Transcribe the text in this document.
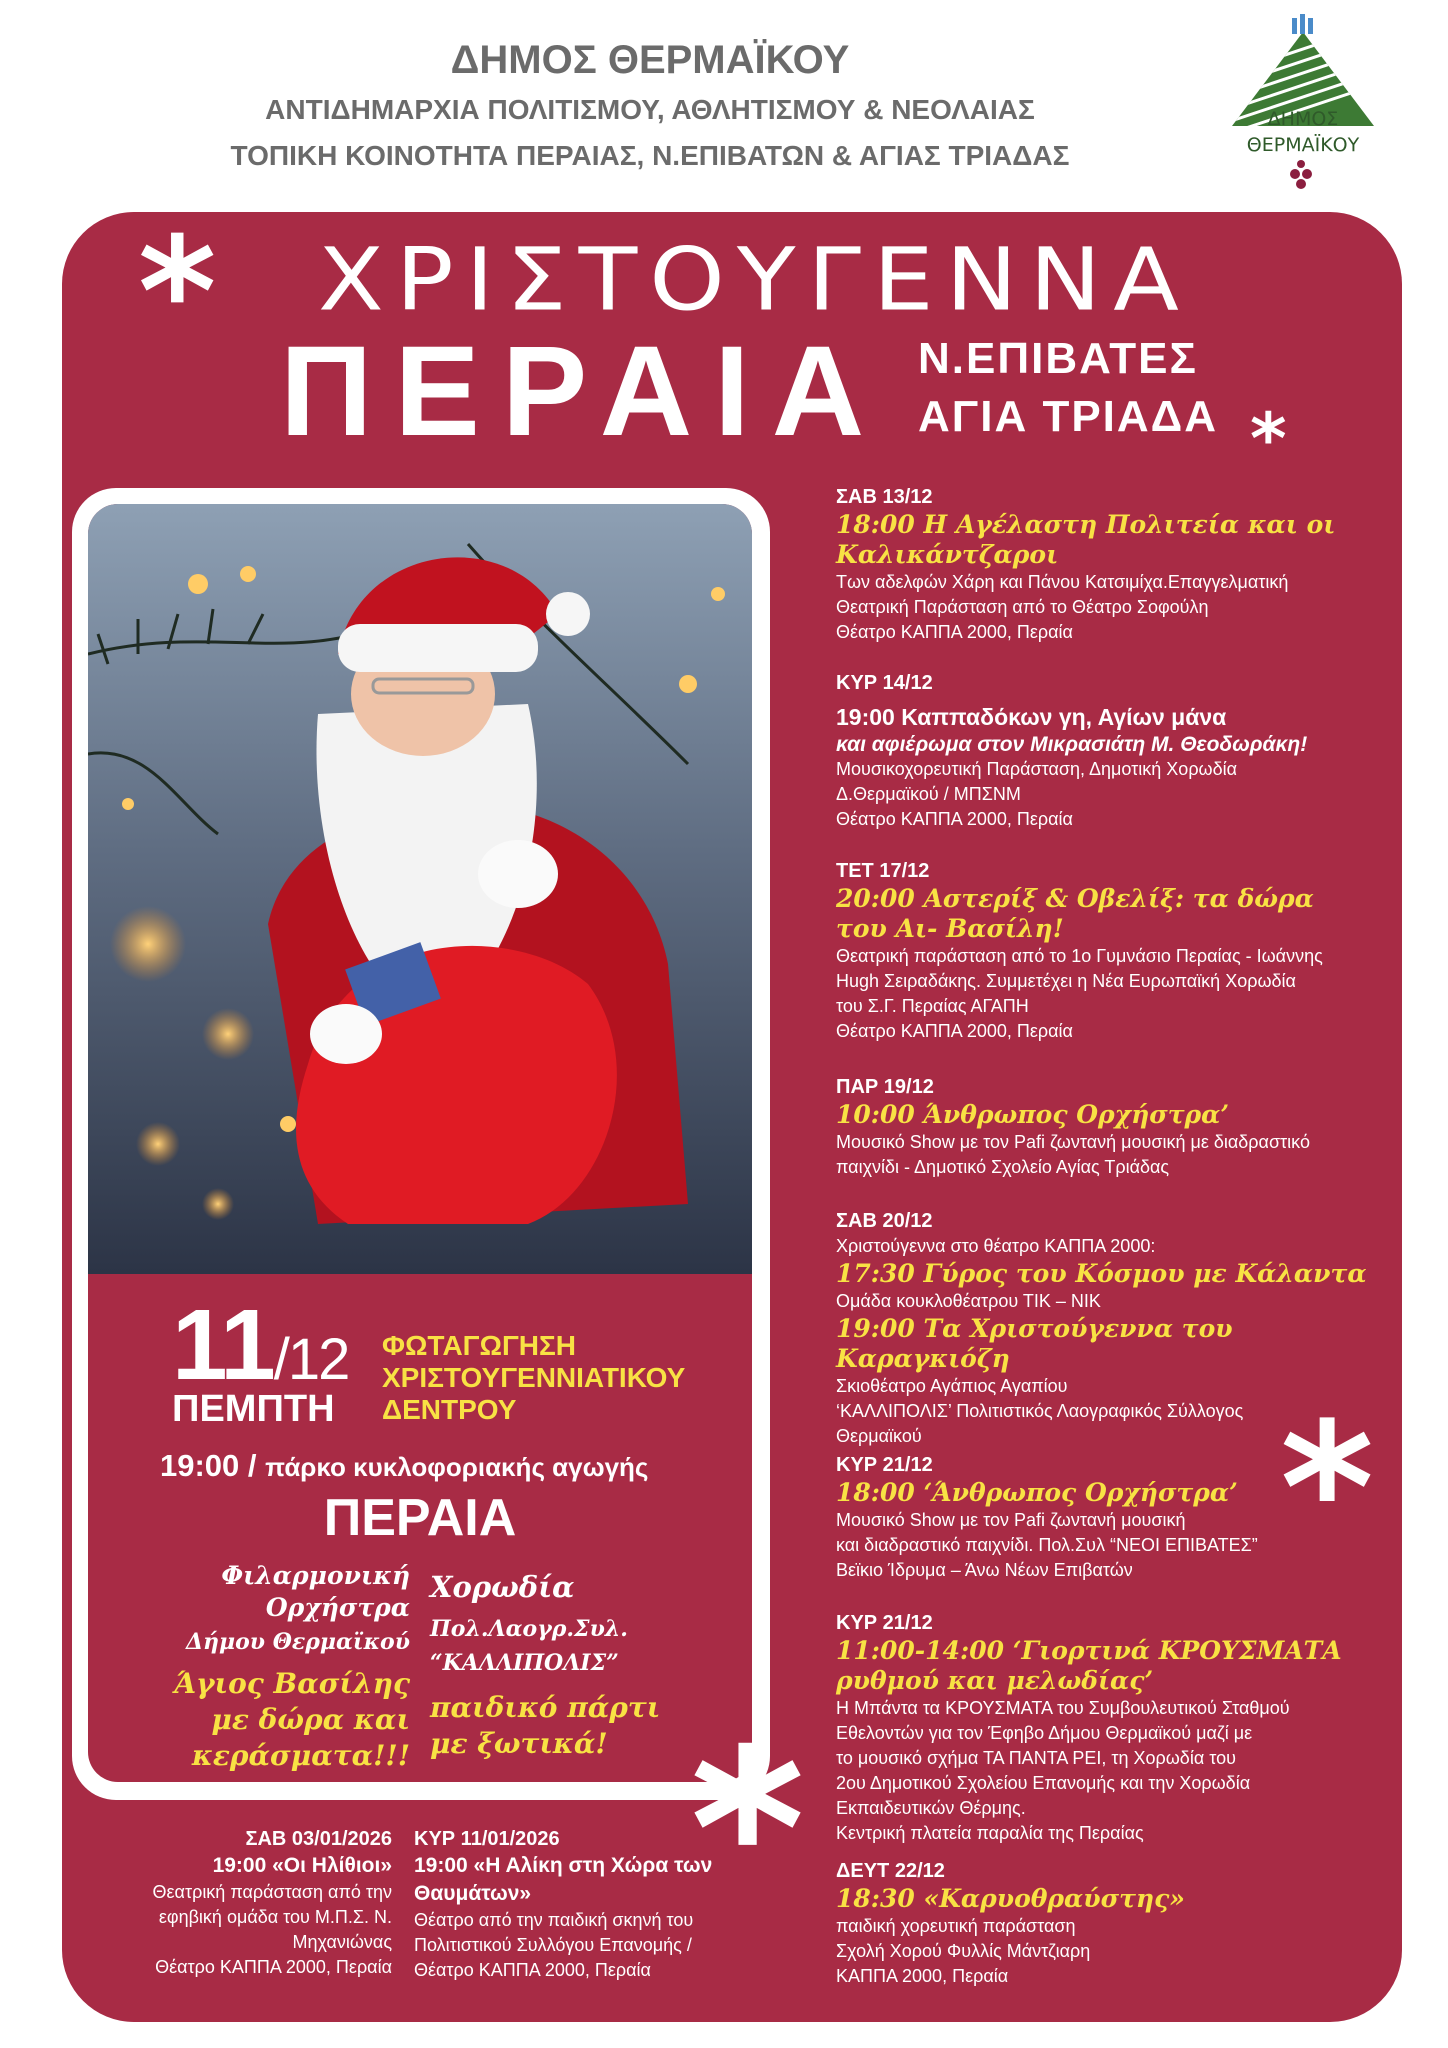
ΔΗΜΟΣ ΘΕΡΜΑΪΚΟΥ
ΑΝΤΙΔΗΜΑΡΧΙΑ ΠΟΛΙΤΙΣΜΟΥ, ΑΘΛΗΤΙΣΜΟΥ & ΝΕΟΛΑΙΑΣ
ΤΟΠΙΚΗ ΚΟΙΝΟΤΗΤΑ ΠΕΡΑΙΑΣ, Ν.ΕΠΙΒΑΤΩΝ & ΑΓΙΑΣ ΤΡΙΑΔΑΣ
ΔΗΜΟΣ
ΘΕΡΜΑΪΚΟΥ
*
*
*
ΧΡΙΣΤΟΥΓΕΝΝΑ
ΠΕΡΑΙΑ Ν.ΕΠΙΒΑΤΕΣ
ΑΓΙΑ ΤΡΙΑΔΑ
11/12
ΠΕΜΠΤΗ
ΦΩΤΑΓΩΓΗΣΗ
ΧΡΙΣΤΟΥΓΕΝΝΙΑΤΙΚΟΥ
ΔΕΝΤΡΟΥ
19:00 / πάρκο κυκλοφοριακής αγωγής
ΠΕΡΑΙΑ
Φιλαρμονική
Ορχήστρα
Δήμου Θερμαϊκού
Άγιος Βασίλης
με δώρα και
κεράσματα!!!
Χορωδία
Πολ.Λαογρ.Συλ.
“ΚΑΛΛΙΠΟΛΙΣ”
παιδικό πάρτι
με ξωτικά!
ΣΑΒ 13/12
18:00 Η Αγέλαστη Πολιτεία και οι
Καλικάντζαροι
Των αδελφών Χάρη και Πάνου Κατσιμίχα.Επαγγελματική
Θεατρική Παράσταση από το Θέατρο Σοφούλη
Θέατρο ΚΑΠΠΑ 2000, Περαία
ΚΥΡ 14/12
19:00 Καππαδόκων γη, Αγίων μάνα
και αφιέρωμα στον Μικρασιάτη Μ. Θεοδωράκη!
Μουσικοχορευτική Παράσταση, Δημοτική Χορωδία
Δ.Θερμαϊκού / ΜΠΣΝΜ
Θέατρο ΚΑΠΠΑ 2000, Περαία
ΤΕΤ 17/12
20:00 Αστερίξ & Οβελίξ: τα δώρα
του Αι- Βασίλη!
Θεατρική παράσταση από το 1ο Γυμνάσιο Περαίας - Ιωάννης
Hugh Σειραδάκης. Συμμετέχει η Νέα Ευρωπαϊκή Χορωδία
του Σ.Γ. Περαίας ΑΓΑΠΗ
Θέατρο ΚΑΠΠΑ 2000, Περαία
ΠΑΡ 19/12
10:00 Άνθρωπος Ορχήστρα’
Μουσικό Show με τον Pafi ζωντανή μουσική με διαδραστικό
παιχνίδι - Δημοτικό Σχολείο Αγίας Τριάδας
ΣΑΒ 20/12
Χριστούγεννα στο θέατρο ΚΑΠΠΑ 2000:
17:30 Γύρος του Κόσμου με Κάλαντα
Ομάδα κουκλοθέατρου ΤΙΚ – ΝΙΚ
19:00 Τα Χριστούγεννα του Καραγκιόζη
Σκιοθέατρο Αγάπιος Αγαπίου
‘ΚΑΛΛΙΠΟΛΙΣ’ Πολιτιστικός Λαογραφικός Σύλλογος
Θερμαϊκού
ΚΥΡ 21/12
18:00 ‘Άνθρωπος Ορχήστρα’
Μουσικό Show με τον Pafi ζωντανή μουσική
και διαδραστικό παιχνίδι. Πολ.Συλ “ΝΕΟΙ ΕΠΙΒΑΤΕΣ”
Βεϊκιο Ίδρυμα – Άνω Νέων Επιβατών
ΚΥΡ 21/12
11:00-14:00 ‘Γιορτινά ΚΡΟΥΣΜΑΤΑ
ρυθμού και μελωδίας’
Η Μπάντα τα ΚΡΟΥΣΜΑΤΑ του Συμβουλευτικού Σταθμού
Εθελοντών για τον Έφηβο Δήμου Θερμαϊκού μαζί με
το μουσικό σχήμα ΤΑ ΠΑΝΤΑ ΡΕΙ, τη Χορωδία του
2ου Δημοτικού Σχολείου Επανομής και την Χορωδία
Εκπαιδευτικών Θέρμης.
Κεντρική πλατεία παραλία της Περαίας
ΔΕΥΤ 22/12
18:30 «Καρυοθραύστης»
παιδική χορευτική παράσταση
Σχολή Χορού Φυλλίς Μάντζιαρη
ΚΑΠΠΑ 2000, Περαία
ΣΑΒ 03/01/2026
19:00 «Οι Ηλίθιοι»
Θεατρική παράσταση από την
εφηβική ομάδα του Μ.Π.Σ. Ν.
Μηχανιώνας
Θέατρο ΚΑΠΠΑ 2000, Περαία
ΚΥΡ 11/01/2026
19:00 «Η Αλίκη στη Χώρα των
Θαυμάτων»
Θέατρο από την παιδική σκηνή του
Πολιτιστικού Συλλόγου Επανομής /
Θέατρο ΚΑΠΠΑ 2000, Περαία
*
